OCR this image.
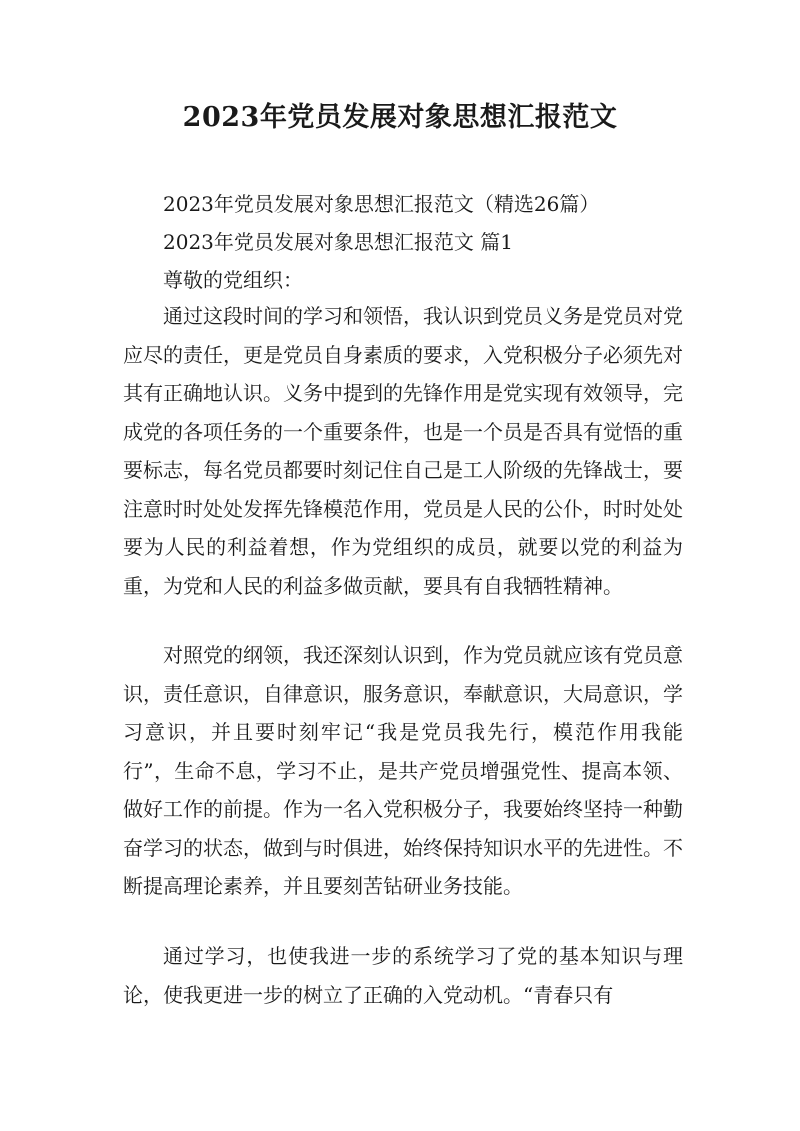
2023年党员发展对象思想汇报范文

2023年党员发展对象思想汇报范文（精选26篇）

2023年党员发展对象思想汇报范文 篇1

尊敬的党组织：

通过这段时间的学习和领悟，我认识到党员义务是党员对党应尽的责任，更是党员自身素质的要求，入党积极分子必须先对其有正确地认识。义务中提到的先锋作用是党实现有效领导，完成党的各项任务的一个重要条件，也是一个员是否具有觉悟的重要标志，每名党员都要时刻记住自己是工人阶级的先锋战士，要注意时时处处发挥先锋模范作用，党员是人民的公仆，时时处处要为人民的利益着想，作为党组织的成员，就要以党的利益为重，为党和人民的利益多做贡献，要具有自我牺牲精神。

对照党的纲领，我还深刻认识到，作为党员就应该有党员意识，责任意识，自律意识，服务意识，奉献意识，大局意识，学习意识，并且要时刻牢记“我是党员我先行，模范作用我能行”，生命不息，学习不止，是共产党员增强党性、提高本领、做好工作的前提。作为一名入党积极分子，我要始终坚持一种勤奋学习的状态，做到与时俱进，始终保持知识水平的先进性。不断提高理论素养，并且要刻苦钻研业务技能。

通过学习，也使我进一步的系统学习了党的基本知识与理论，使我更进一步的树立了正确的入党动机。“青春只有
